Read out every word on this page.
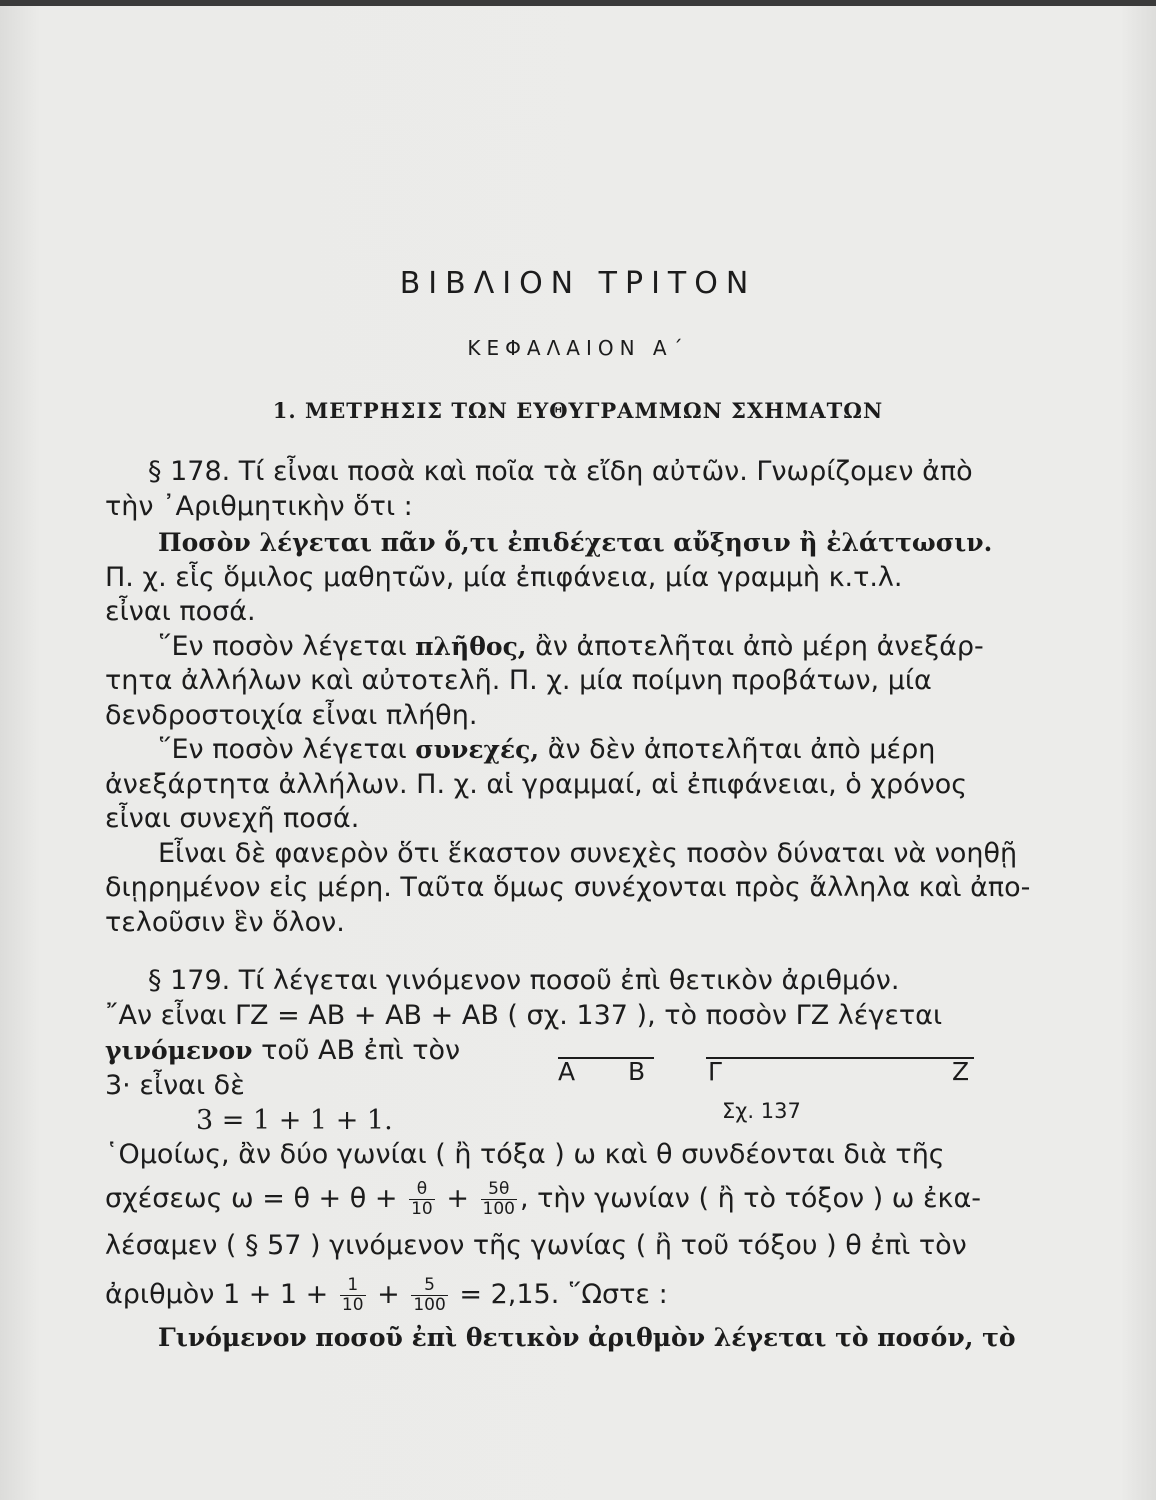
ΒΙΒΛΙΟΝ ΤΡΙΤΟΝ
ΚΕΦΑΛΑΙΟΝ Α΄
1. ΜΕΤΡΗΣΙΣ ΤΩΝ ΕΥΘΥΓΡΑΜΜΩΝ ΣΧΗΜΑΤΩΝ
§ 178. Τί εἶναι ποσὰ καὶ ποῖα τὰ εἴδη αὐτῶν. Γνωρίζομεν ἀπὸ
τὴν ᾿Αριθμητικὴν ὅτι :
Ποσὸν λέγεται πᾶν ὅ,τι ἐπιδέχεται αὔξησιν ἢ ἐλάττωσιν.
Π. χ. εἷς ὅμιλος μαθητῶν, μία ἐπιφάνεια, μία γραμμὴ κ.τ.λ.
εἶναι ποσά.
῞Εν ποσὸν λέγεται πλῆθος, ἂν ἀποτελῆται ἀπὸ μέρη ἀνεξάρ-
τητα ἀλλήλων καὶ αὐτοτελῆ. Π. χ. μία ποίμνη προβάτων, μία
δενδροστοιχία εἶναι πλήθη.
῞Εν ποσὸν λέγεται συνεχές, ἂν δὲν ἀποτελῆται ἀπὸ μέρη
ἀνεξάρτητα ἀλλήλων. Π. χ. αἱ γραμμαί, αἱ ἐπιφάνειαι, ὁ χρόνος
εἶναι συνεχῆ ποσά.
Εἶναι δὲ φανερὸν ὅτι ἕκαστον συνεχὲς ποσὸν δύναται νὰ νοηθῇ
διῃρημένον εἰς μέρη. Ταῦτα ὅμως συνέχονται πρὸς ἄλληλα καὶ ἀπο-
τελοῦσιν ἓν ὅλον.
§ 179. Τί λέγεται γινόμενον ποσοῦ ἐπὶ θετικὸν ἀριθμόν.
῎Αν εἶναι ΓΖ = ΑΒ + ΑΒ + ΑΒ ( σχ. 137 ), τὸ ποσὸν ΓΖ λέγεται
γινόμενον τοῦ ΑΒ ἐπὶ τὸν
3· εἶναι δὲ
3 = 1 + 1 + 1.
Α Β	Γ	Ζ
Σχ. 137
῾Ομοίως, ἂν δύο γωνίαι ( ἢ τόξα ) ω καὶ θ συνδέονται διὰ τῆς
σχέσεως $\omega = \theta + \theta + \frac{\theta}{10} + \frac{5\theta}{100}$ , τὴν γωνίαν ( ἢ τὸ τόξον ) ω ἐκα-
λέσαμεν ( § 57 ) γινόμενον τῆς γωνίας ( ἢ τοῦ τόξου ) θ ἐπὶ τὸν
ἀριθμὸν $1 + 1 + \frac{1}{10} + \frac{5}{100} = 2,15$. ῞Ωστε :
Γινόμενον ποσοῦ ἐπὶ θετικὸν ἀριθμὸν λέγεται τὸ ποσόν, τὸ
